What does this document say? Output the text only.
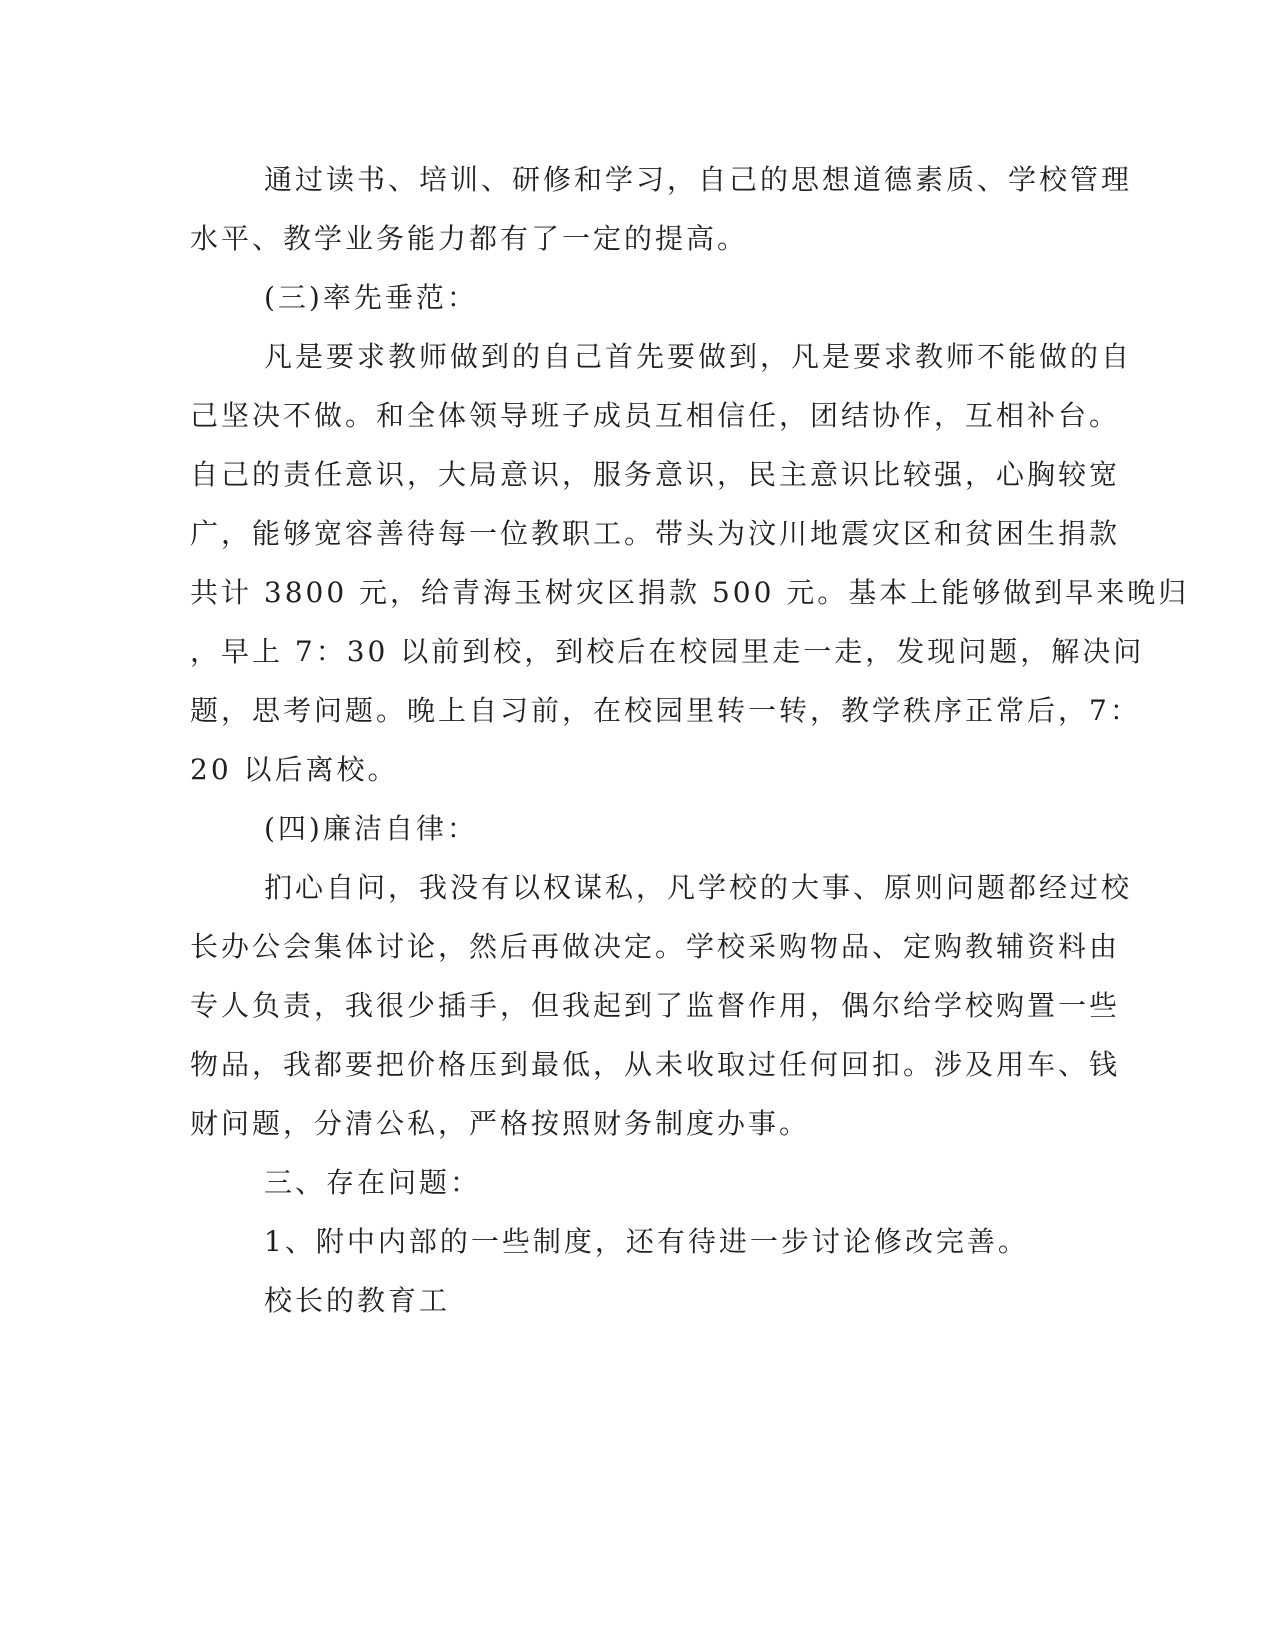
通过读书、培训、研修和学习，自己的思想道德素质、学校管理
水平、教学业务能力都有了一定的提高。
(三)率先垂范：
凡是要求教师做到的自己首先要做到，凡是要求教师不能做的自
己坚决不做。和全体领导班子成员互相信任，团结协作，互相补台。
自己的责任意识，大局意识，服务意识，民主意识比较强，心胸较宽
广，能够宽容善待每一位教职工。带头为汶川地震灾区和贫困生捐款
共计 3800 元，给青海玉树灾区捐款 500 元。基本上能够做到早来晚归
，早上 7：30 以前到校，到校后在校园里走一走，发现问题，解决问
题，思考问题。晚上自习前，在校园里转一转，教学秩序正常后，7：
20 以后离校。
(四)廉洁自律：
扪心自问，我没有以权谋私，凡学校的大事、原则问题都经过校
长办公会集体讨论，然后再做决定。学校采购物品、定购教辅资料由
专人负责，我很少插手，但我起到了监督作用，偶尔给学校购置一些
物品，我都要把价格压到最低，从未收取过任何回扣。涉及用车、钱
财问题，分清公私，严格按照财务制度办事。
三、存在问题：
1、附中内部的一些制度，还有待进一步讨论修改完善。
校长的教育工
